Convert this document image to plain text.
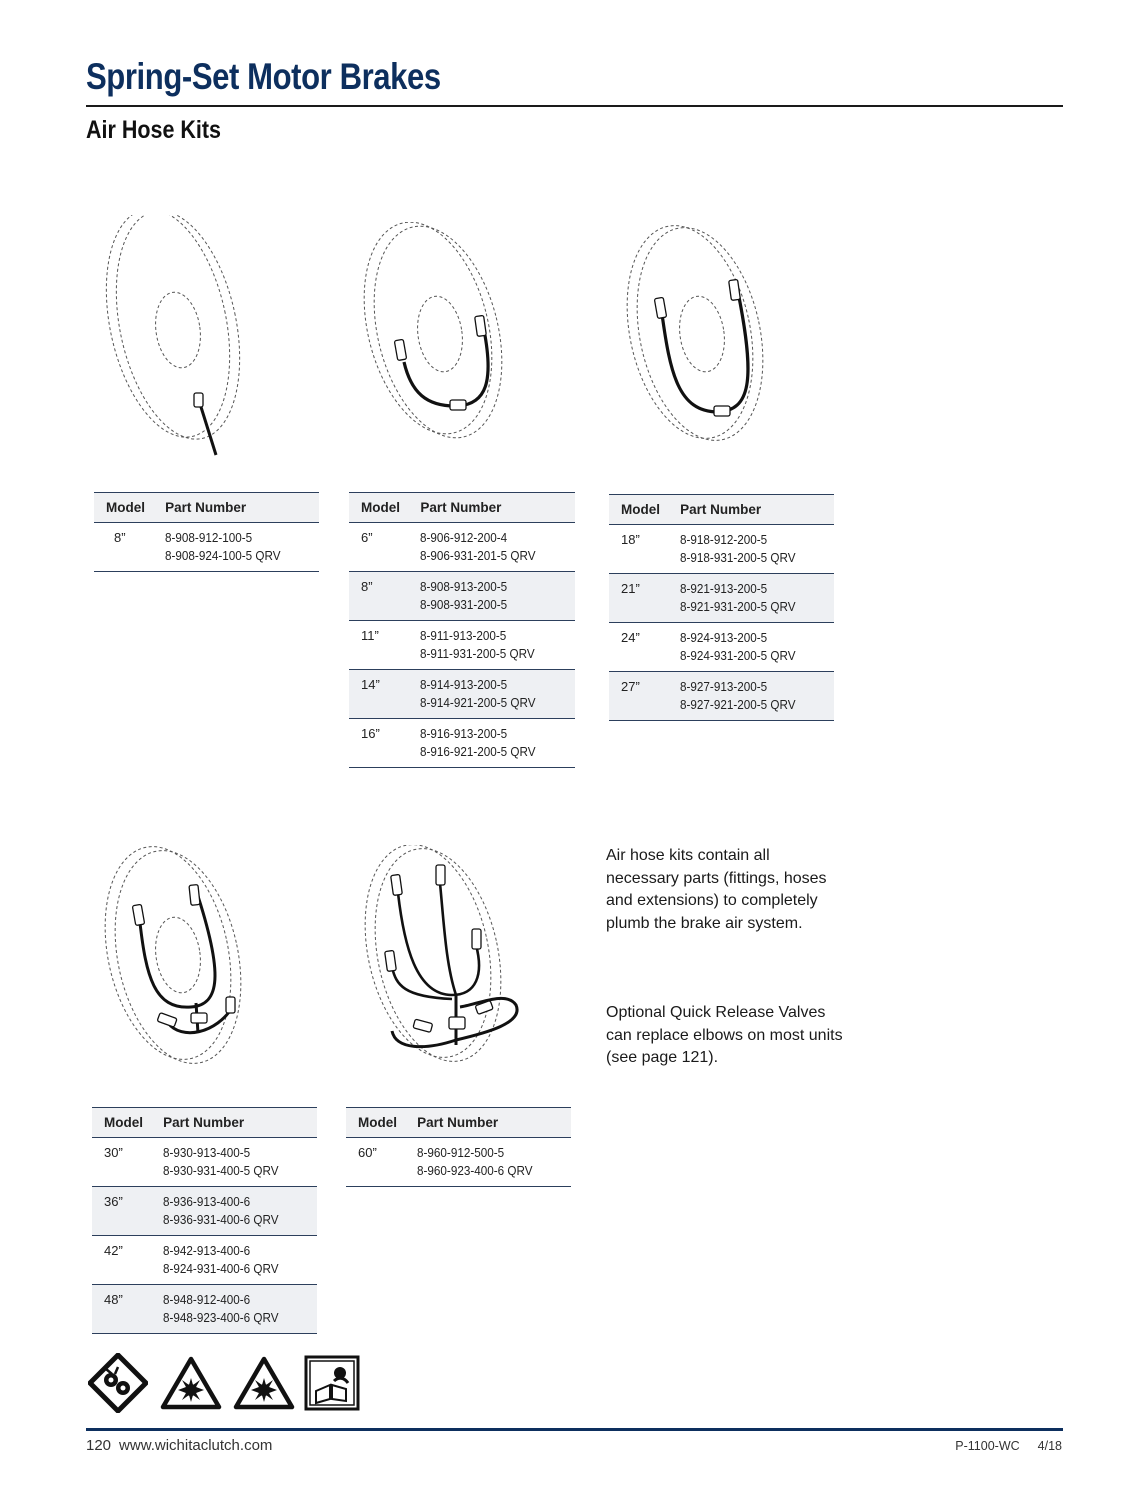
Spring-Set Motor Brakes
Air Hose Kits
Model	Part Number
8”	8-908-912-100-5
8-908-924-100-5 QRV
Model	Part Number
6”	8-906-912-200-4
8-906-931-201-5 QRV

8”	8-908-913-200-5
8-908-931-200-5

11”	8-911-913-200-5
8-911-931-200-5 QRV

14”	8-914-913-200-5
8-914-921-200-5 QRV

16”	8-916-913-200-5
8-916-921-200-5 QRV
Model	Part Number
18”	8-918-912-200-5
8-918-931-200-5 QRV

21”	8-921-913-200-5
8-921-931-200-5 QRV

24”	8-924-913-200-5
8-924-931-200-5 QRV

27”	8-927-913-200-5
8-927-921-200-5 QRV

Air hose kits contain all necessary parts (fittings, hoses and extensions) to completely plumb the brake air system.

Optional Quick Release Valves can replace elbows on most units (see page 121).

Model	Part Number
30”	8-930-913-400-5
8-930-931-400-5 QRV

36”	8-936-913-400-6
8-936-931-400-6 QRV

42”	8-942-913-400-6
8-924-931-400-6 QRV

48”	8-948-912-400-6
8-948-923-400-6 QRV
Model	Part Number
60”	8-960-912-500-5
8-960-923-400-6 QRV
120 www.wichitaclutch.com	P-1100-WC 4/18
